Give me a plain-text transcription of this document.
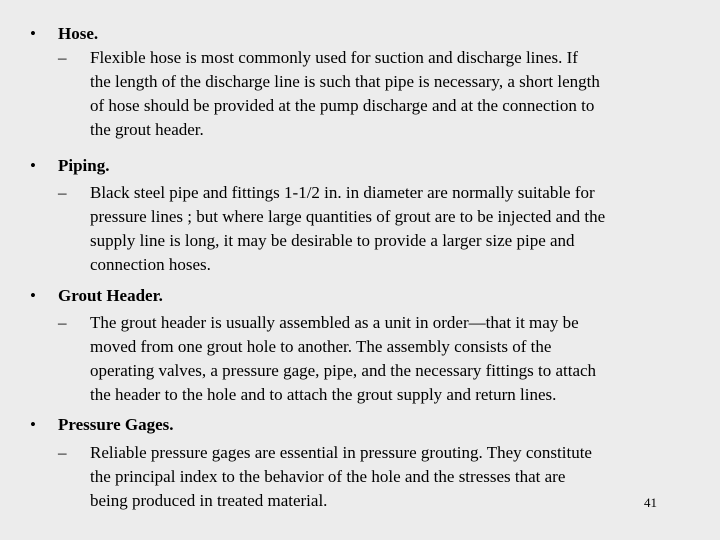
• Hose.
– Flexible hose is most commonly used for suction and discharge lines. If
the length of the discharge line is such that pipe is necessary, a short length
of hose should be provided at the pump discharge and at the connection to
the grout header.

• Piping.
– Black steel pipe and fittings 1-1/2 in. in diameter are normally suitable for
pressure lines ; but where large quantities of grout are to be injected and the
supply line is long, it may be desirable to provide a larger size pipe and
connection hoses.

• Grout Header.
– The grout header is usually assembled as a unit in order—that it may be
moved from one grout hole to another. The assembly consists of the
operating valves, a pressure gage, pipe, and the necessary fittings to attach
the header to the hole and to attach the grout supply and return lines.

• Pressure Gages.
– Reliable pressure gages are essential in pressure grouting. They constitute
the principal index to the behavior of the hole and the stresses that are
being produced in treated material.	41
